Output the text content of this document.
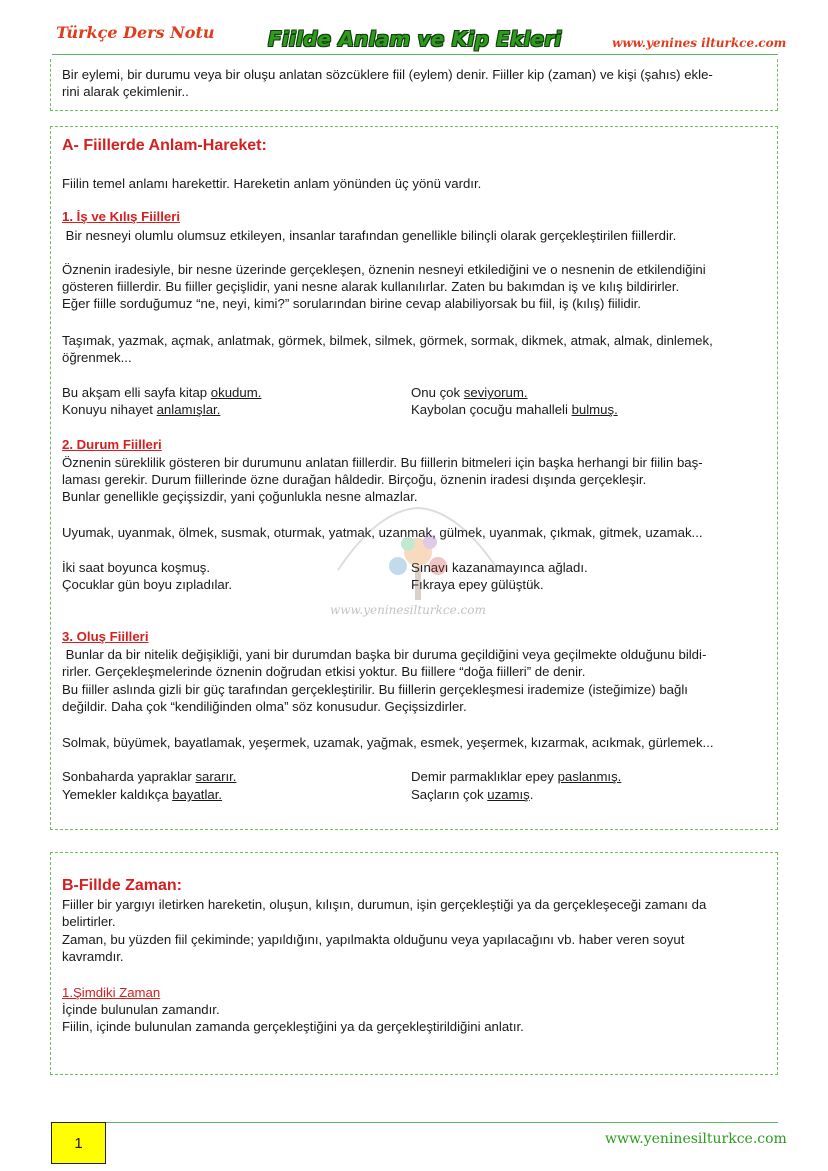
Türkçe Ders Notu	Fiilde Anlam ve Kip Ekleri	www.yenines ilturkce.com
Bir eylemi, bir durumu veya bir oluşu anlatan sözcüklere fiil (eylem) denir. Fiiller kip (zaman) ve kişi (şahıs) ekle-
rini alarak çekimlenir..
A- Fiillerde Anlam-Hareket:
Fiilin temel anlamı harekettir. Hareketin anlam yönünden üç yönü vardır.
1. İş ve Kılış Fiilleri
Bir nesneyi olumlu olumsuz etkileyen, insanlar tarafından genellikle bilinçli olarak gerçekleştirilen fiillerdir.
Öznenin iradesiyle, bir nesne üzerinde gerçekleşen, öznenin nesneyi etkilediğini ve o nesnenin de etkilendiğini
gösteren fiillerdir. Bu fiiller geçişlidir, yani nesne alarak kullanılırlar. Zaten bu bakımdan iş ve kılış bildirirler.
Eğer fiille sorduğumuz “ne, neyi, kimi?” sorularından birine cevap alabiliyorsak bu fiil, iş (kılış) fiilidir.
Taşımak, yazmak, açmak, anlatmak, görmek, bilmek, silmek, görmek, sormak, dikmek, atmak, almak, dinlemek,
öğrenmek...
Bu akşam elli sayfa kitap okudum.	Onu çok seviyorum.
Konuyu nihayet anlamışlar.	Kaybolan çocuğu mahalleli bulmuş.
2. Durum Fiilleri
Öznenin süreklilik gösteren bir durumunu anlatan fiillerdir. Bu fiillerin bitmeleri için başka herhangi bir fiilin baş-
laması gerekir. Durum fiillerinde özne durağan hâldedir. Birçoğu, öznenin iradesi dışında gerçekleşir.
Bunlar genellikle geçişsizdir, yani çoğunlukla nesne almazlar.
Uyumak, uyanmak, ölmek, susmak, oturmak, yatmak, uzanmak, gülmek, uyanmak, çıkmak, gitmek, uzamak...
İki saat boyunca koşmuş.	Sınavı kazanamayınca ağladı.
Çocuklar gün boyu zıpladılar.	Fıkraya epey gülüştük.
www.yeninesilturkce.com
3. Oluş Fiilleri
Bunlar da bir nitelik değişikliği, yani bir durumdan başka bir duruma geçildiğini veya geçilmekte olduğunu bildi-
rirler. Gerçekleşmelerinde öznenin doğrudan etkisi yoktur. Bu fiillere “doğa fiilleri” de denir.
Bu fiiller aslında gizli bir güç tarafından gerçekleştirilir. Bu fiillerin gerçekleşmesi irademize (isteğimize) bağlı
değildir. Daha çok “kendiliğinden olma” söz konusudur. Geçişsizdirler.
Solmak, büyümek, bayatlamak, yeşermek, uzamak, yağmak, esmek, yeşermek, kızarmak, acıkmak, gürlemek...
Sonbaharda yapraklar sararır.	Demir parmaklıklar epey paslanmış.
Yemekler kaldıkça bayatlar.	Saçların çok uzamış.
B-Fillde Zaman:
Fiiller bir yargıyı iletirken hareketin, oluşun, kılışın, durumun, işin gerçekleştiği ya da gerçekleşeceği zamanı da
belirtirler.
Zaman, bu yüzden fiil çekiminde; yapıldığını, yapılmakta olduğunu veya yapılacağını vb. haber veren soyut
kavramdır.
1.Şimdiki Zaman
İçinde bulunulan zamandır.
Fiilin, içinde bulunulan zamanda gerçekleştiğini ya da gerçekleştirildiğini anlatır.
1	www.yeninesilturkce.com
